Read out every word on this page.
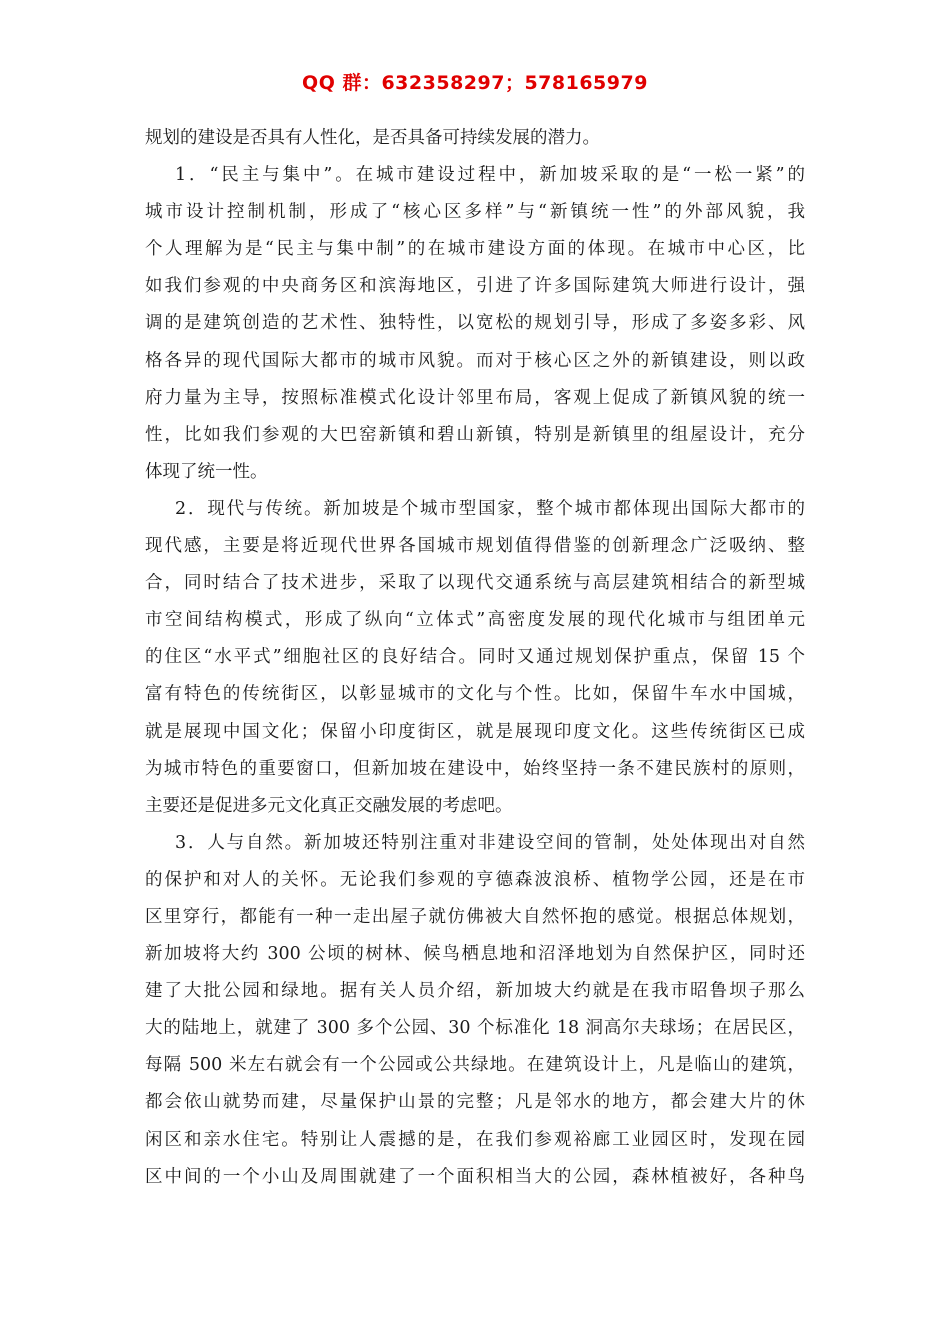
QQ 群：632358297；578165979
规划的建设是否具有人性化，是否具备可持续发展的潜力。
1．“民主与集中”。在城市建设过程中，新加坡采取的是“一松一紧”的
城市设计控制机制，形成了“核心区多样”与“新镇统一性”的外部风貌，我
个人理解为是“民主与集中制”的在城市建设方面的体现。在城市中心区，比
如我们参观的中央商务区和滨海地区，引进了许多国际建筑大师进行设计，强
调的是建筑创造的艺术性、独特性，以宽松的规划引导，形成了多姿多彩、风
格各异的现代国际大都市的城市风貌。而对于核心区之外的新镇建设，则以政
府力量为主导，按照标准模式化设计邻里布局，客观上促成了新镇风貌的统一
性，比如我们参观的大巴窑新镇和碧山新镇，特别是新镇里的组屋设计，充分
体现了统一性。
2．现代与传统。新加坡是个城市型国家，整个城市都体现出国际大都市的
现代感，主要是将近现代世界各国城市规划值得借鉴的创新理念广泛吸纳、整
合，同时结合了技术进步，采取了以现代交通系统与高层建筑相结合的新型城
市空间结构模式，形成了纵向“立体式”高密度发展的现代化城市与组团单元
的住区“水平式”细胞社区的良好结合。同时又通过规划保护重点，保留 15 个
富有特色的传统街区，以彰显城市的文化与个性。比如，保留牛车水中国城，
就是展现中国文化；保留小印度街区，就是展现印度文化。这些传统街区已成
为城市特色的重要窗口，但新加坡在建设中，始终坚持一条不建民族村的原则，
主要还是促进多元文化真正交融发展的考虑吧。
3．人与自然。新加坡还特别注重对非建设空间的管制，处处体现出对自然
的保护和对人的关怀。无论我们参观的亨德森波浪桥、植物学公园，还是在市
区里穿行，都能有一种一走出屋子就仿佛被大自然怀抱的感觉。根据总体规划，
新加坡将大约 300 公顷的树林、候鸟栖息地和沼泽地划为自然保护区，同时还
建了大批公园和绿地。据有关人员介绍，新加坡大约就是在我市昭鲁坝子那么
大的陆地上，就建了 300 多个公园、30 个标准化 18 洞高尔夫球场；在居民区，
每隔 500 米左右就会有一个公园或公共绿地。在建筑设计上，凡是临山的建筑，
都会依山就势而建，尽量保护山景的完整；凡是邻水的地方，都会建大片的休
闲区和亲水住宅。特别让人震撼的是，在我们参观裕廊工业园区时，发现在园
区中间的一个小山及周围就建了一个面积相当大的公园，森林植被好，各种鸟
